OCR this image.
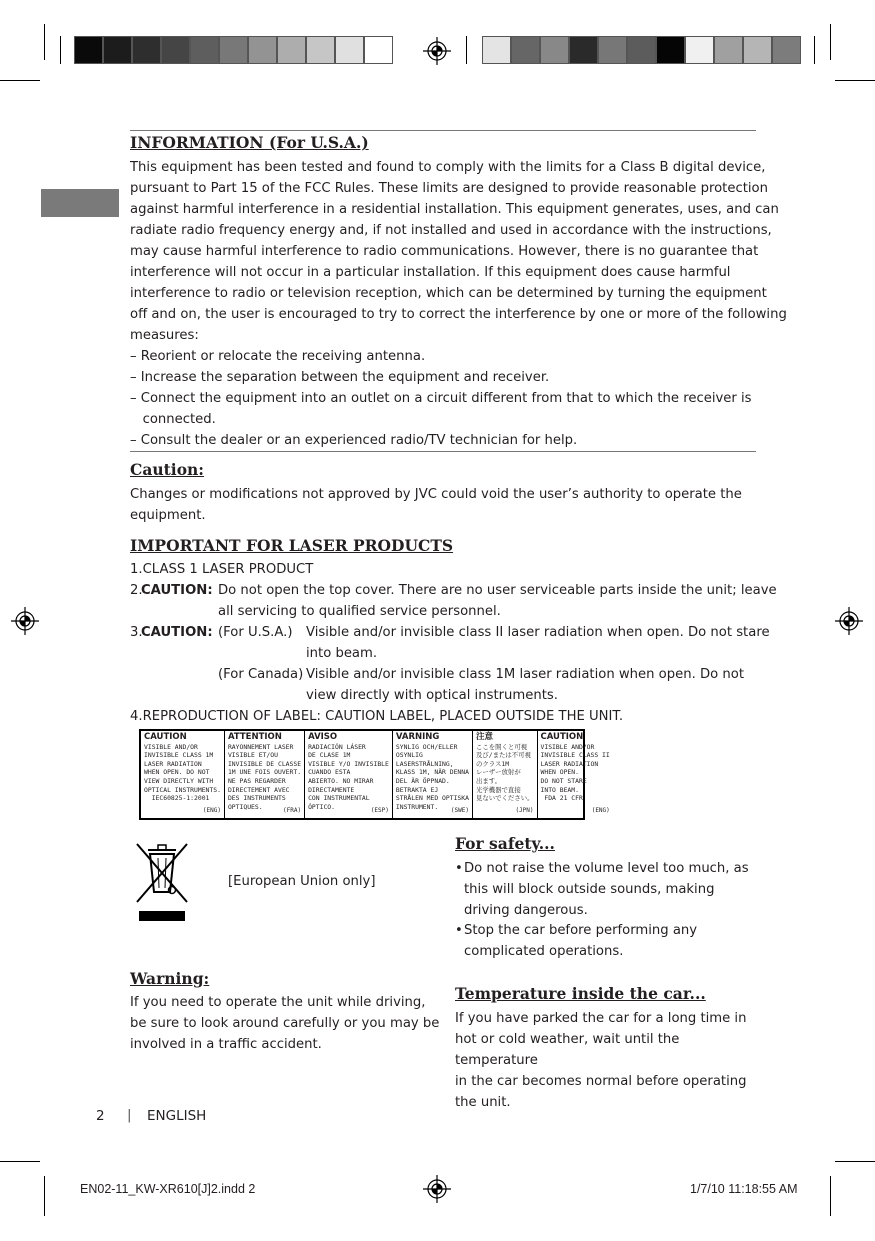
INFORMATION (For U.S.A.)
This equipment has been tested and found to comply with the limits for a Class B digital device,
pursuant to Part 15 of the FCC Rules. These limits are designed to provide reasonable protection
against harmful interference in a residential installation. This equipment generates, uses, and can
radiate radio frequency energy and, if not installed and used in accordance with the instructions,
may cause harmful interference to radio communications. However, there is no guarantee that
interference will not occur in a particular installation. If this equipment does cause harmful
interference to radio or television reception, which can be determined by turning the equipment
off and on, the user is encouraged to try to correct the interference by one or more of the following
measures:
– Reorient or relocate the receiving antenna.
– Increase the separation between the equipment and receiver.
– Connect the equipment into an outlet on a circuit different from that to which the receiver is
connected.
– Consult the dealer or an experienced radio/TV technician for help.
Caution:
Changes or modifications not approved by JVC could void the user’s authority to operate the
equipment.
IMPORTANT FOR LASER PRODUCTS
1.CLASS 1 LASER PRODUCT
2.
CAUTION: Do not open the top cover. There are no user serviceable parts inside the unit; leave
all servicing to qualified service personnel.
3.
CAUTION: (For U.S.A.) Visible and/or invisible class II laser radiation when open. Do not stare
into beam.
(For Canada) Visible and/or invisible class 1M laser radiation when open. Do not
view directly with optical instruments.
4.REPRODUCTION OF LABEL: CAUTION LABEL, PLACED OUTSIDE THE UNIT.
CAUTION
VISIBLE AND/OR
INVISIBLE CLASS 1M
LASER RADIATION
WHEN OPEN. DO NOT
VIEW DIRECTLY WITH
OPTICAL INSTRUMENTS.
IEC60825-1:2001
(ENG)
ATTENTION
RAYONNEMENT LASER
VISIBLE ET/OU
INVISIBLE DE CLASSE
1M UNE FOIS OUVERT.
NE PAS REGARDER
DIRECTEMENT AVEC
DES INSTRUMENTS
OPTIQUES.
(FRA)
AVISO
RADIACIÓN LÁSER
DE CLASE 1M
VISIBLE Y/O INVISIBLE
CUANDO ESTA
ABIERTO. NO MIRAR
DIRECTAMENTE
CON INSTRUMENTAL
ÓPTICO.
(ESP)
VARNING
SYNLIG OCH/ELLER
OSYNLIG
LASERSTRÅLNING,
KLASS 1M, NÄR DENNA
DEL ÄR ÖPPNAD.
BETRAKTA EJ
STRÅLEN MED OPTISKA
INSTRUMENT.
(SWE)
注意
ここを開くと可視
及び/または不可視
のクラス1M
レーザー放射が
出ます。
光学機器で直接
見ないでください。
(JPN)
CAUTION
VISIBLE AND/OR
INVISIBLE CLASS II
LASER RADIATION
WHEN OPEN.
DO NOT STARE
INTO BEAM.
FDA 21 CFR
(ENG)
[European Union only]
Warning:
If you need to operate the unit while driving,
be sure to look around carefully or you may be
involved in a traffic accident.
For safety...
• Do not raise the volume level too much, as this will block outside sounds, making driving dangerous.
• Stop the car before performing any complicated operations.
Temperature inside the car...
If you have parked the car for a long time in
hot or cold weather, wait until the temperature
in the car becomes normal before operating
the unit.
2 | ENGLISH
EN02-11_KW-XR610[J]2.indd 2	1/7/10 11:18:55 AM
